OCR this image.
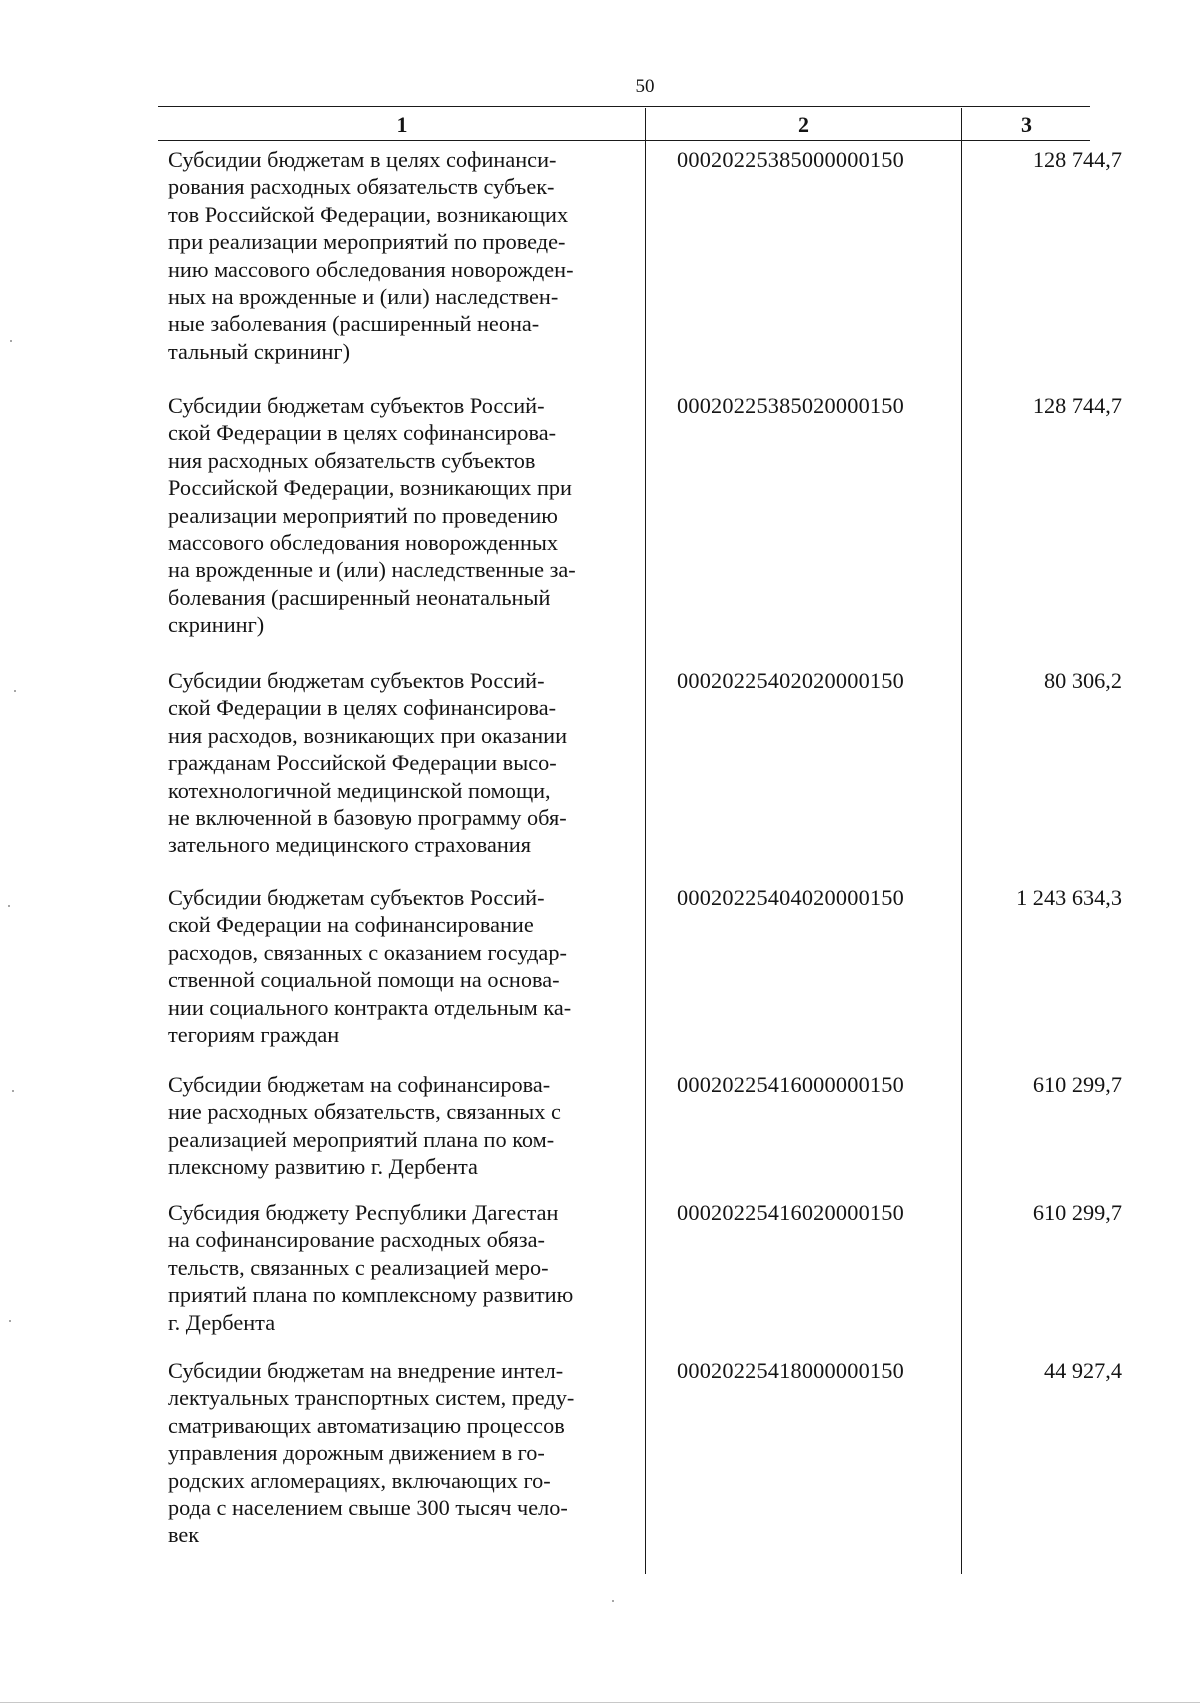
50
1	2	3
Субсидии бюджетам в целях софинанси-
рования расходных обязательств субъек-
тов Российской Федерации, возникающих
при реализации мероприятий по проведе-
нию массового обследования новорожден-
ных на врожденные и (или) наследствен-
ные заболевания (расширенный неона-
тальный скрининг)
00020225385000000150	128 744,7
Субсидии бюджетам субъектов Россий-
ской Федерации в целях софинансирова-
ния расходных обязательств субъектов
Российской Федерации, возникающих при
реализации мероприятий по проведению
массового обследования новорожденных
на врожденные и (или) наследственные за-
болевания (расширенный неонатальный
скрининг)
00020225385020000150	128 744,7
Субсидии бюджетам субъектов Россий-
ской Федерации в целях софинансирова-
ния расходов, возникающих при оказании
гражданам Российской Федерации высо-
котехнологичной медицинской помощи,
не включенной в базовую программу обя-
зательного медицинского страхования
00020225402020000150	80 306,2
Субсидии бюджетам субъектов Россий-
ской Федерации на софинансирование
расходов, связанных с оказанием государ-
ственной социальной помощи на основа-
нии социального контракта отдельным ка-
тегориям граждан
00020225404020000150	1 243 634,3
Субсидии бюджетам на софинансирова-
ние расходных обязательств, связанных с
реализацией мероприятий плана по ком-
плексному развитию г. Дербента
00020225416000000150	610 299,7
Субсидия бюджету Республики Дагестан
на софинансирование расходных обяза-
тельств, связанных с реализацией меро-
приятий плана по комплексному развитию
г. Дербента
00020225416020000150	610 299,7
Субсидии бюджетам на внедрение интел-
лектуальных транспортных систем, преду-
сматривающих автоматизацию процессов
управления дорожным движением в го-
родских агломерациях, включающих го-
рода с населением свыше 300 тысяч чело-
век
00020225418000000150	44 927,4
